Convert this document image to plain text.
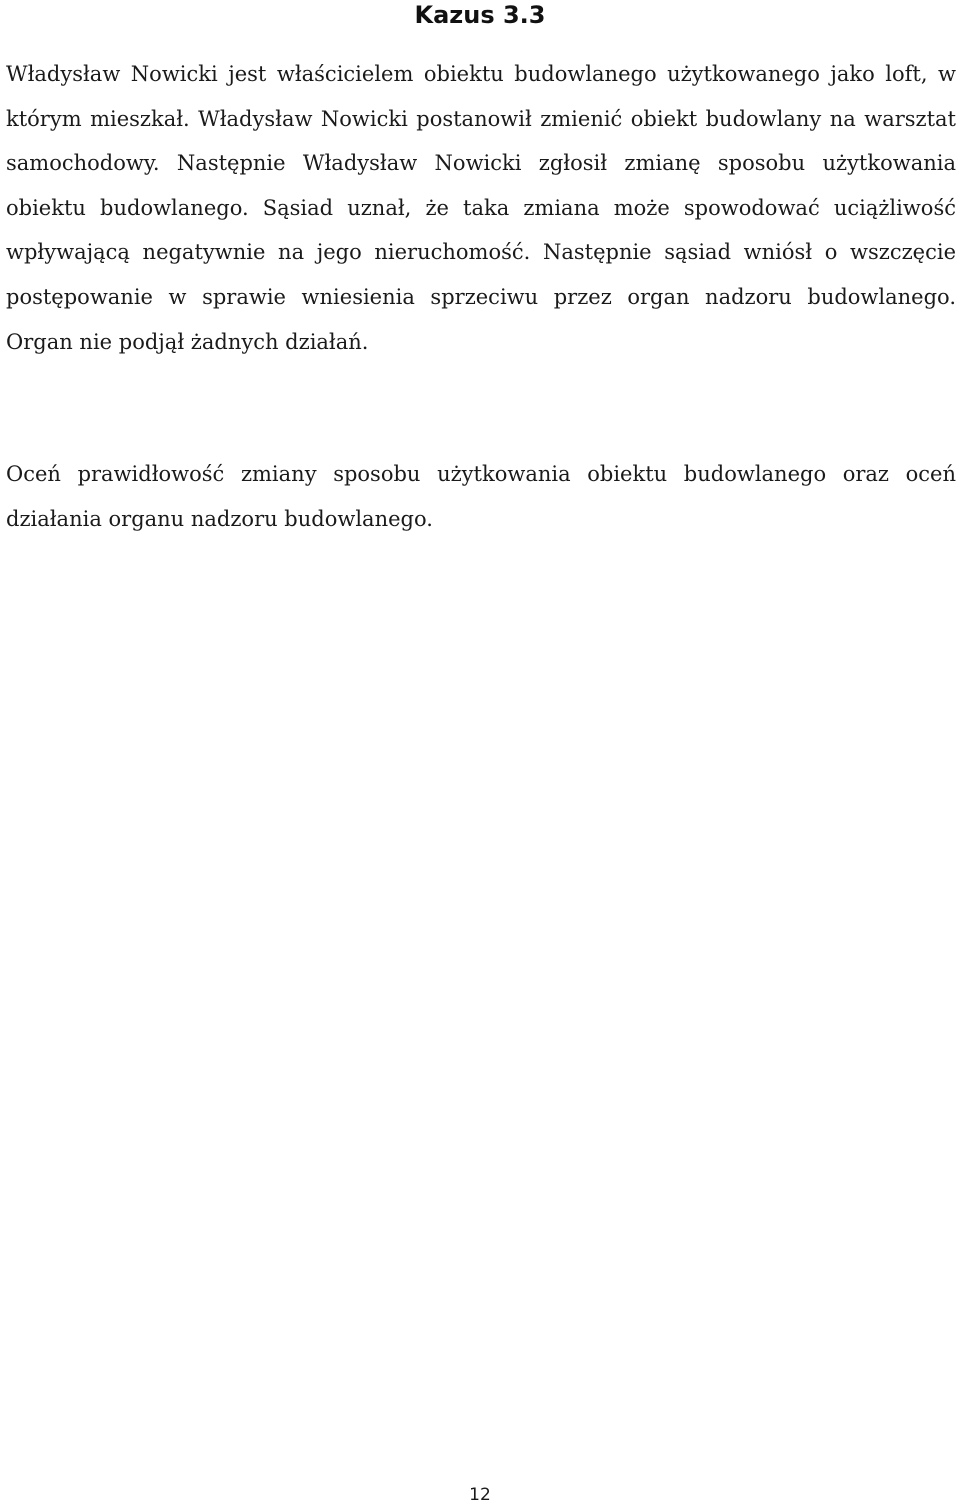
Kazus 3.3

Władysław Nowicki jest właścicielem obiektu budowlanego użytkowanego jako loft, w którym mieszkał. Władysław Nowicki postanowił zmienić obiekt budowlany na warsztat samochodowy. Następnie Władysław Nowicki zgłosił zmianę sposobu użytkowania obiektu budowlanego. Sąsiad uznał, że taka zmiana może spowodować uciążliwość wpływającą negatywnie na jego nieruchomość. Następnie sąsiad wniósł o wszczęcie postępowanie w sprawie wniesienia sprzeciwu przez organ nadzoru budowlanego. Organ nie podjął żadnych działań.

Oceń prawidłowość zmiany sposobu użytkowania obiektu budowlanego oraz oceń działania organu nadzoru budowlanego.

12
